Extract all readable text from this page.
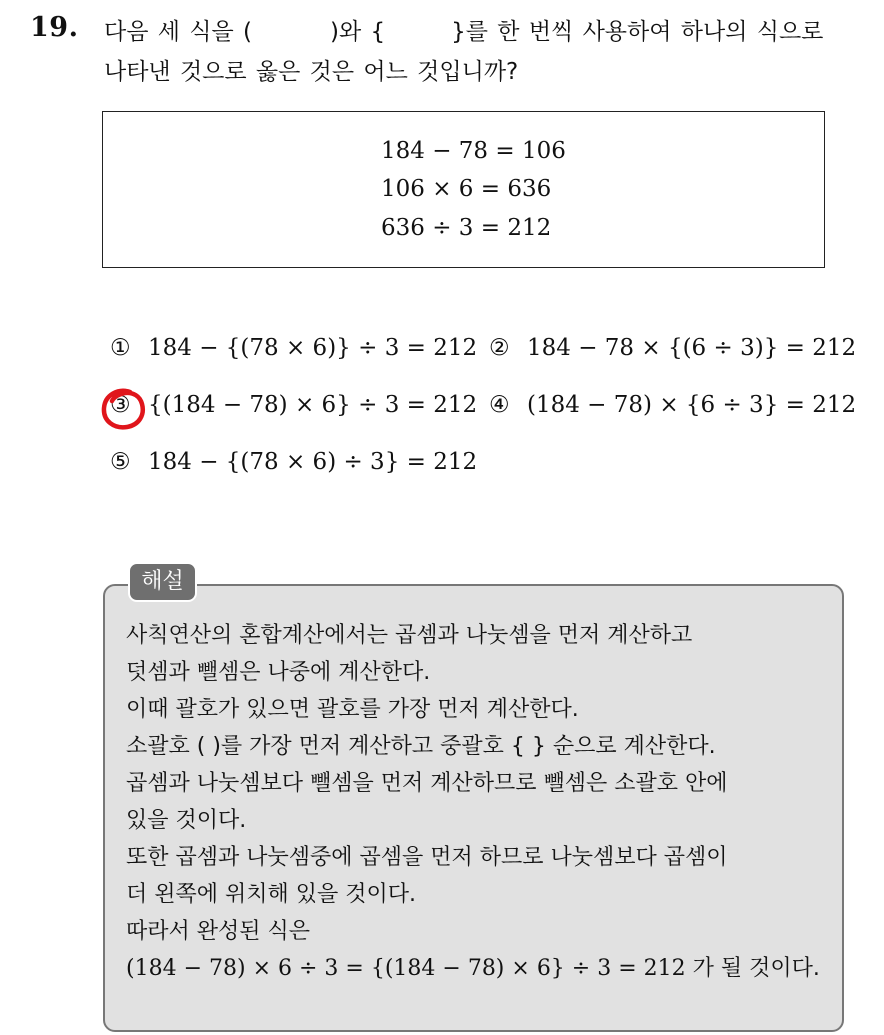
19. 다음 세 식을 (	)와 {	}를 한 번씩 사용하여 하나의 식으로
나타낸 것으로 옳은 것은 어느 것입니까?
184 − 78 = 106
106 × 6 = 636
636 ÷ 3 = 212
① 184 − {(78 × 6)} ÷ 3 = 212 ② 184 − 78 × {(6 ÷ 3)} = 212
③ {(184 − 78) × 6} ÷ 3 = 212 ④ (184 − 78) × {6 ÷ 3} = 212
⑤ 184 − {(78 × 6) ÷ 3} = 212
해설
사칙연산의 혼합계산에서는 곱셈과 나눗셈을 먼저 계산하고
덧셈과 뺄셈은 나중에 계산한다.
이때 괄호가 있으면 괄호를 가장 먼저 계산한다.
소괄호 ( )를 가장 먼저 계산하고 중괄호 { } 순으로 계산한다.
곱셈과 나눗셈보다 뺄셈을 먼저 계산하므로 뺄셈은 소괄호 안에
있을 것이다.
또한 곱셈과 나눗셈중에 곱셈을 먼저 하므로 나눗셈보다 곱셈이
더 왼쪽에 위치해 있을 것이다.
따라서 완성된 식은
(184 − 78) × 6 ÷ 3 = {(184 − 78) × 6} ÷ 3 = 212 가 될 것이다.
